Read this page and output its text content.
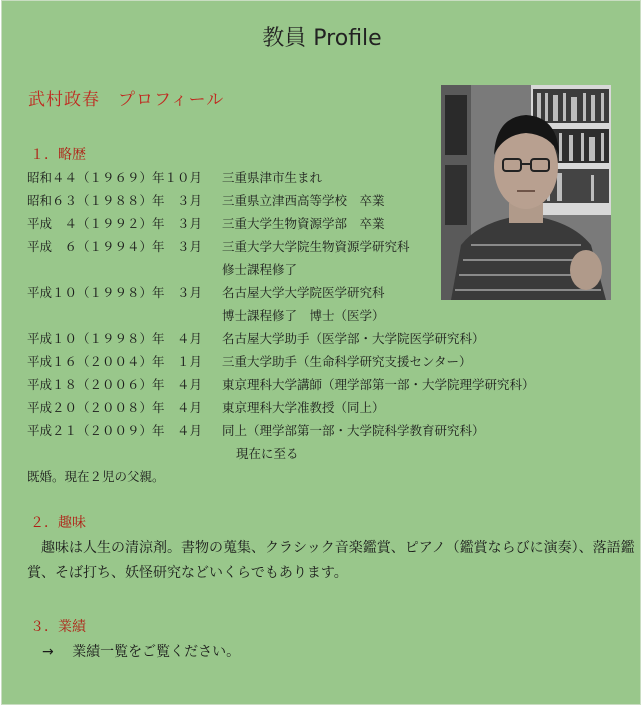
教員 Profile
武村政春　プロフィール
１．略歴
昭和４４（１９６９）年１０月 三重県津市生まれ
昭和６３（１９８８）年　３月 三重県立津西高等学校　卒業
平成　４（１９９２）年　３月 三重大学生物資源学部　卒業
平成　６（１９９４）年　３月 三重大学大学院生物資源学研究科
修士課程修了
平成１０（１９９８）年　３月 名古屋大学大学院医学研究科
博士課程修了　博士（医学）
平成１０（１９９８）年　４月 名古屋大学助手（医学部・大学院医学研究科）
平成１６（２００４）年　１月 三重大学助手（生命科学研究支援センター）
平成１８（２００６）年　４月 東京理科大学講師（理学部第一部・大学院理学研究科）
平成２０（２００８）年　４月 東京理科大学准教授（同上）
平成２１（２００９）年　４月 同上（理学部第一部・大学院科学教育研究科）
現在に至る
既婚。現在２児の父親。
２．趣味
　趣味は人生の清涼剤。書物の蒐集、クラシック音楽鑑賞、ピアノ（鑑賞ならびに演奏）、落語鑑賞、そば打ち、妖怪研究などいくらでもあります。
３．業績
→ 業績一覧をご覧ください。
